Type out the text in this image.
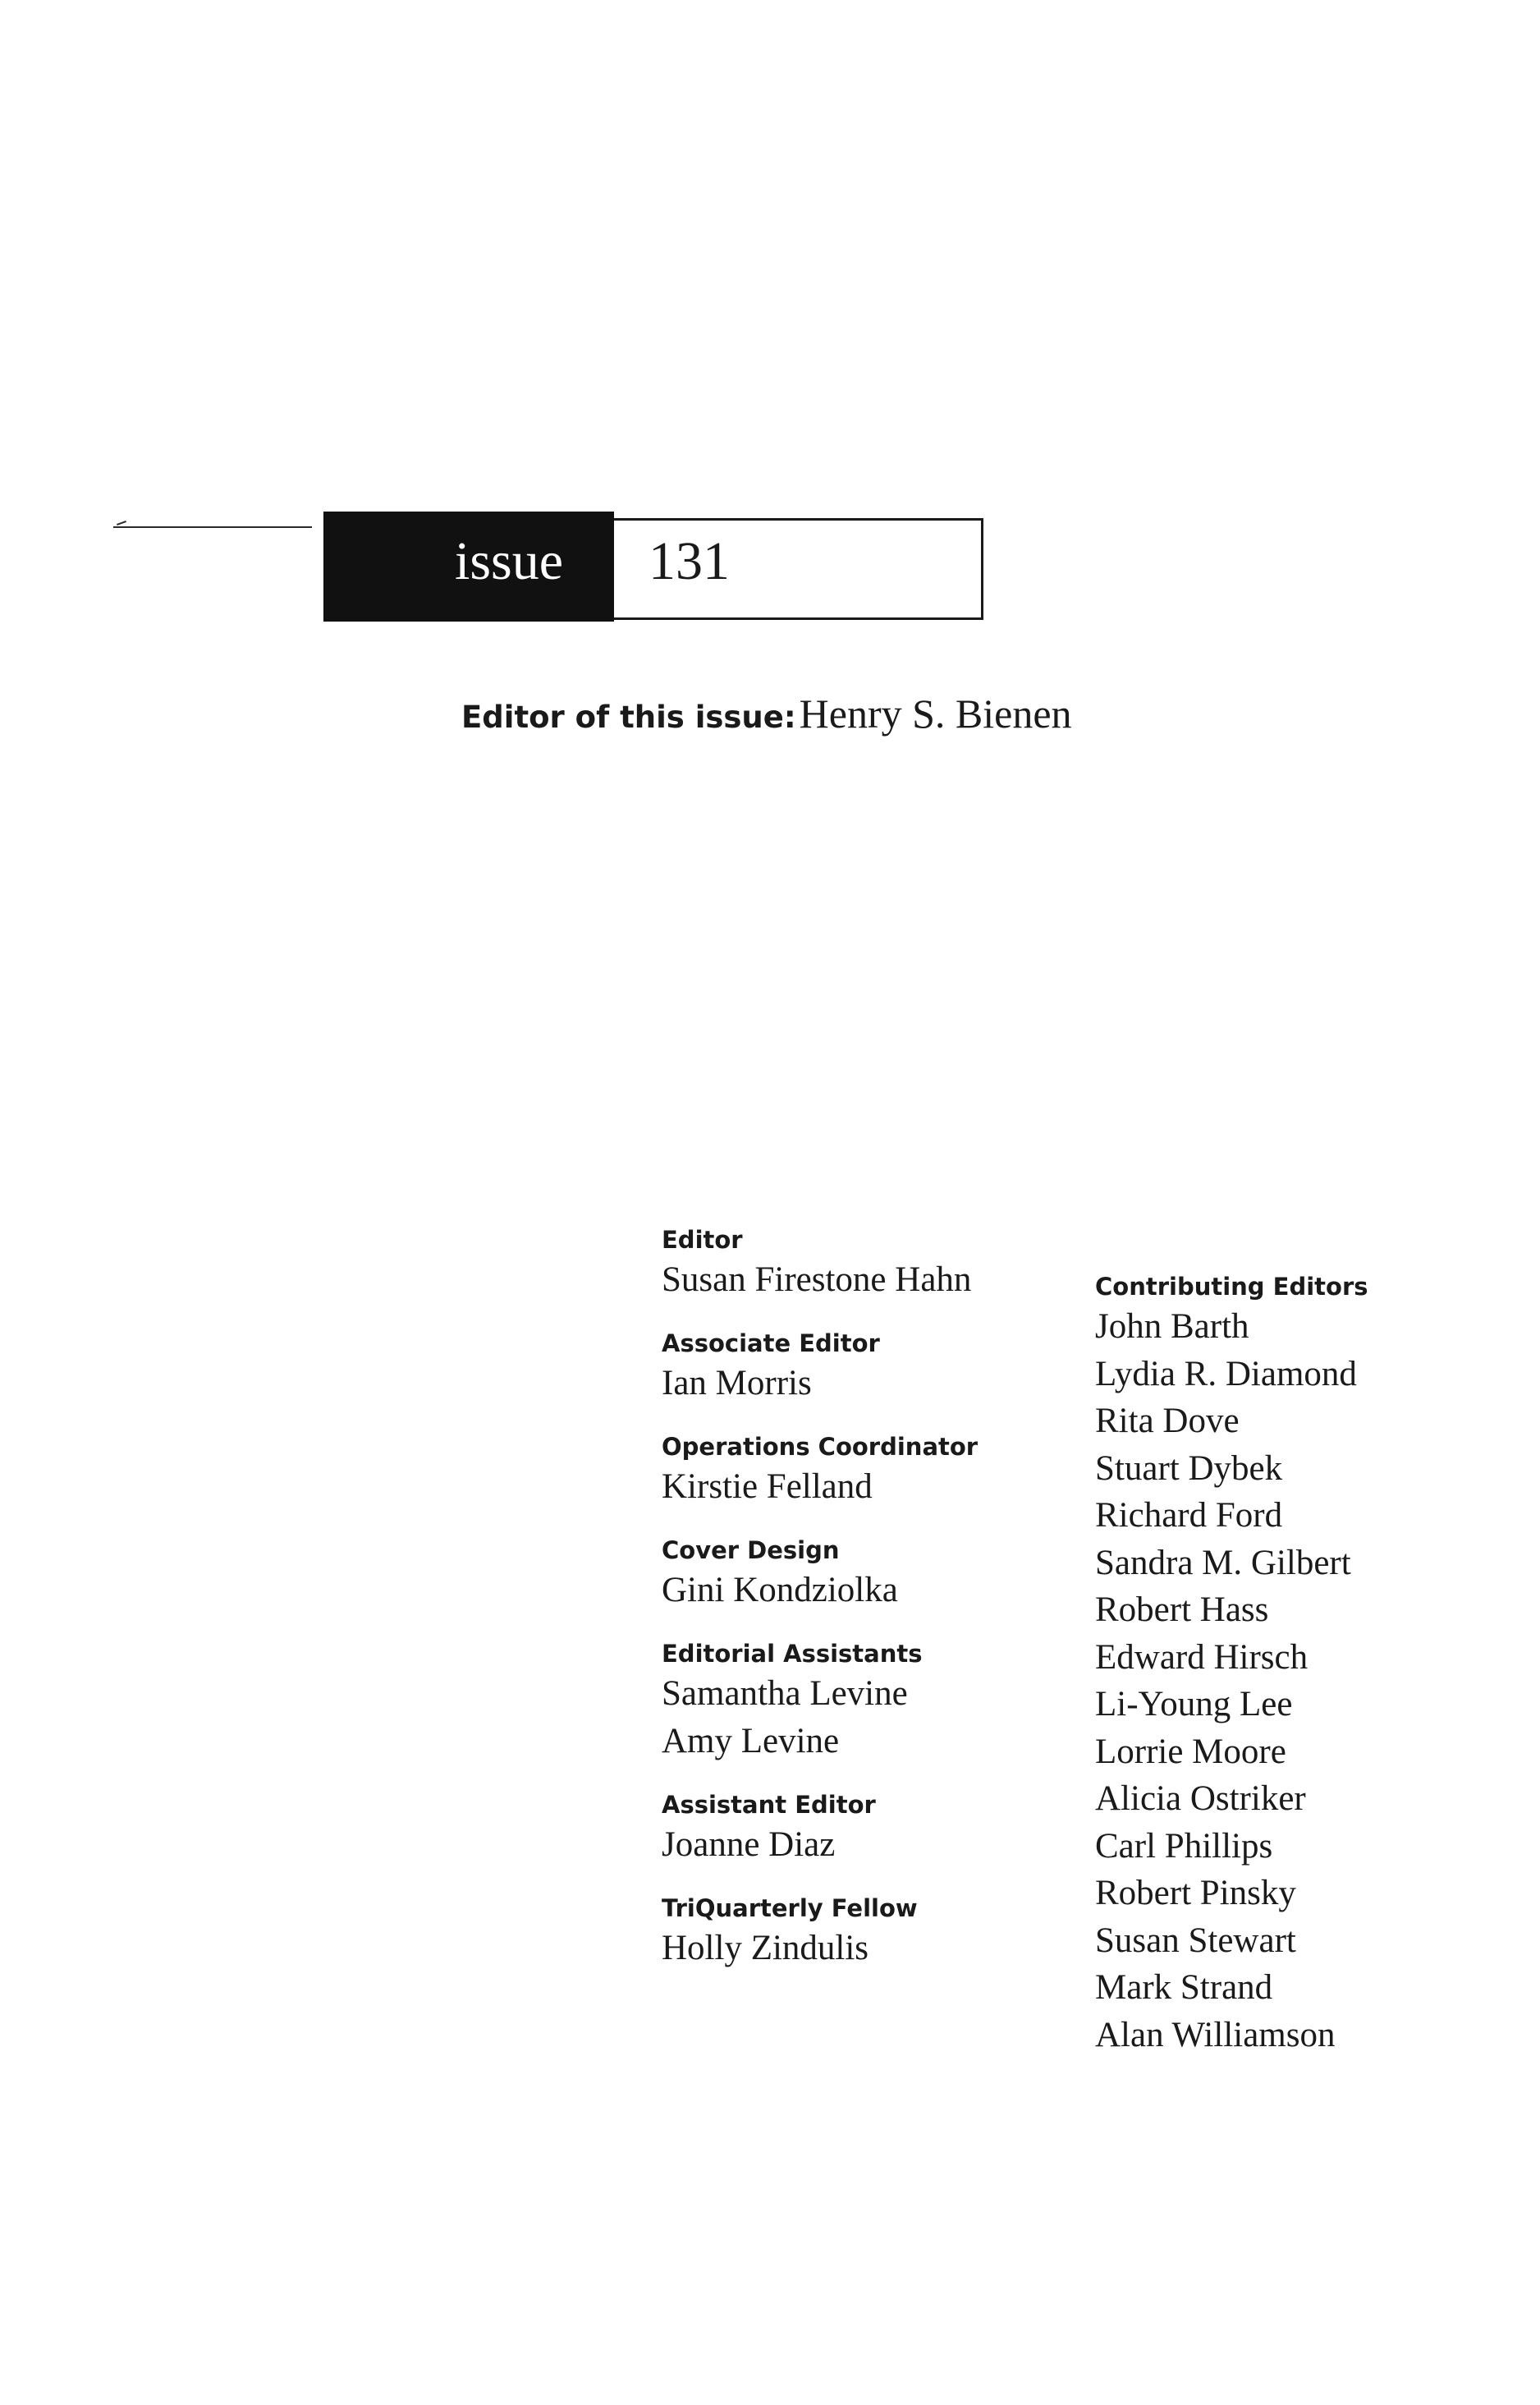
issue 131
Editor of this issue: Henry S. Bienen

Editor

Susan Firestone Hahn

Associate Editor

Ian Morris

Operations Coordinator

Kirstie Felland

Cover Design

Gini Kondziolka

Editorial Assistants

Samantha Levine

Amy Levine

Assistant Editor

Joanne Diaz

TriQuarterly Fellow

Holly Zindulis

Contributing Editors

John Barth

Lydia R. Diamond

Rita Dove

Stuart Dybek

Richard Ford

Sandra M. Gilbert

Robert Hass

Edward Hirsch

Li-Young Lee

Lorrie Moore

Alicia Ostriker

Carl Phillips

Robert Pinsky

Susan Stewart

Mark Strand

Alan Williamson
